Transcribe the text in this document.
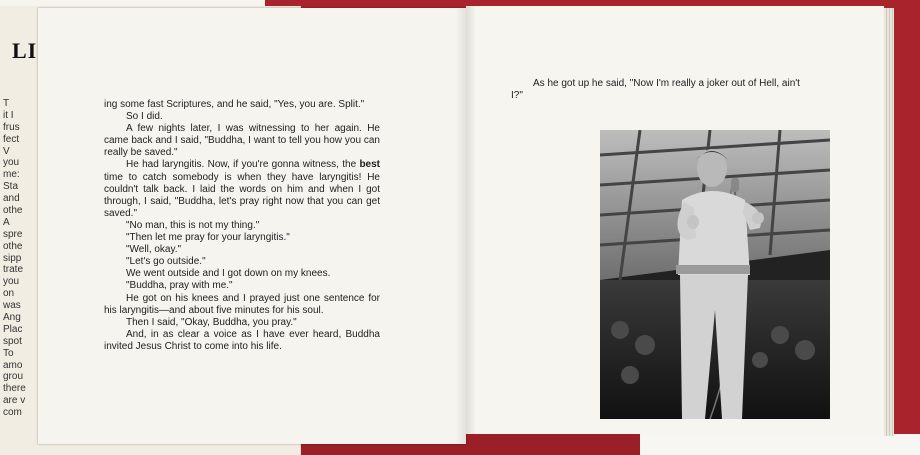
LI
T
it I
frus
fect
V
you
me:
Sta
and
othe
A
spre
othe
sipp
trate
you
on
was
Ang
Plac
spot
To
amo
grou
there
are v
com

ing some fast Scriptures, and he said, "Yes, you are. Split."

So I did.

A few nights later, I was witnessing to her again. He came back and I said, "Buddha, I want to tell you how you can really be saved."

He had laryngitis. Now, if you're gonna witness, the best time to catch somebody is when they have laryngitis! He couldn't talk back. I laid the words on him and when I got through, I said, "Buddha, let's pray right now that you can get saved."

"No man, this is not my thing."

"Then let me pray for your laryngitis."

"Well, okay."

"Let's go outside."

We went outside and I got down on my knees.

"Buddha, pray with me."

He got on his knees and I prayed just one sentence for his laryngitis—and about five minutes for his soul.

Then I said, "Okay, Buddha, you pray."

And, in as clear a voice as I have ever heard, Buddha invited Jesus Christ to come into his life.

As he got up he said, "Now I'm really a joker out of Hell, ain't I?"
